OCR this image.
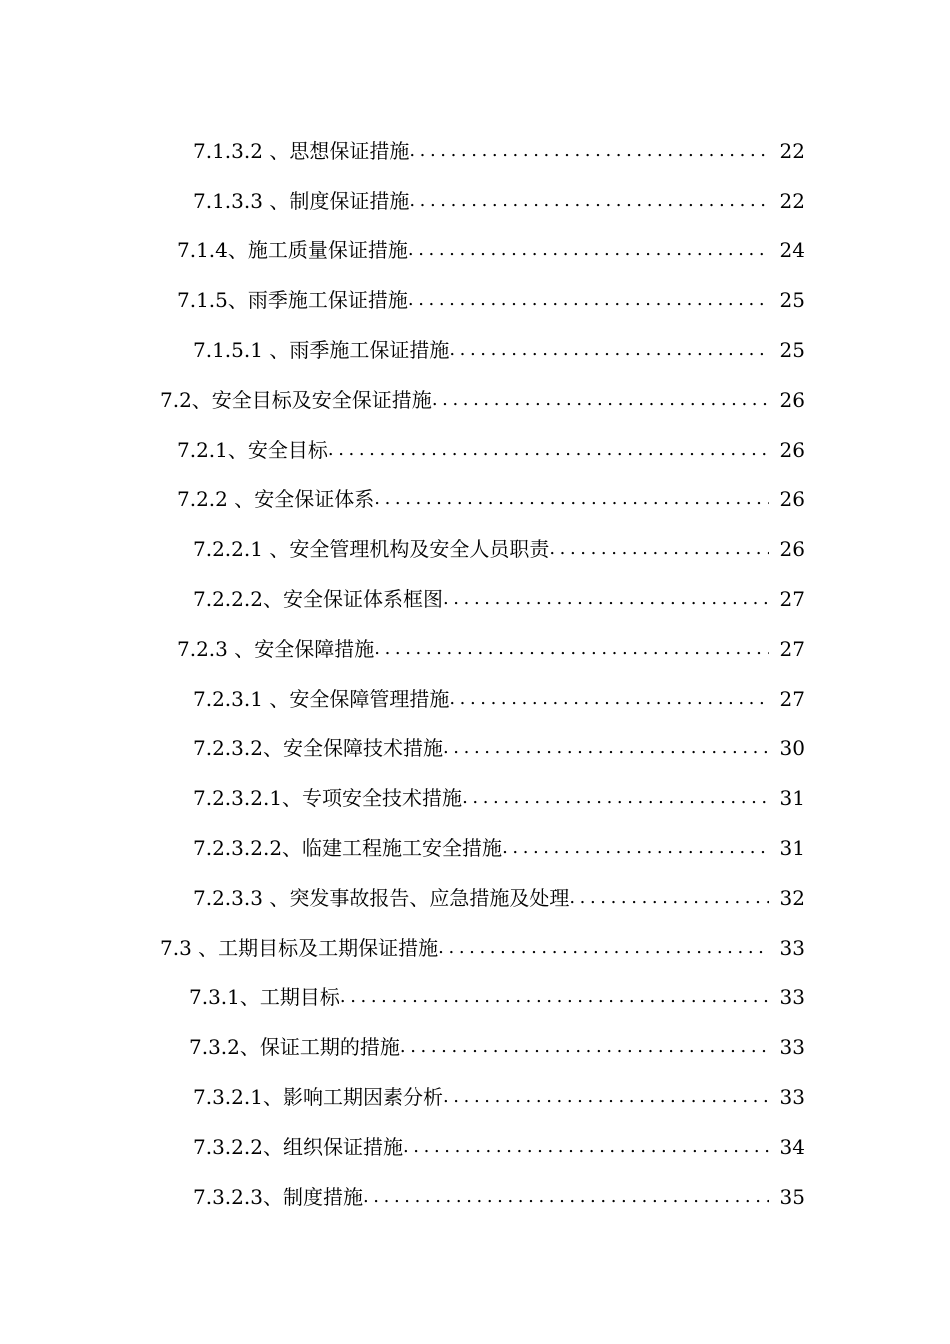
7.1.3.2 、思想保证措施 .....	22
7.1.3.3 、制度保证措施 .....	22
7.1.4、施工质量保证措施 .....	24
7.1.5、雨季施工保证措施 .....	25
7.1.5.1 、雨季施工保证措施 .....	25
7.2、安全目标及安全保证措施 .....	26
7.2.1、安全目标 .....	26
7.2.2 、安全保证体系 .....	26
7.2.2.1 、安全管理机构及安全人员职责 .....	26
7.2.2.2、安全保证体系框图 .....	27
7.2.3 、安全保障措施 .....	27
7.2.3.1 、安全保障管理措施 .....	27
7.2.3.2、安全保障技术措施 .....	30
7.2.3.2.1、专项安全技术措施 .....	31
7.2.3.2.2、临建工程施工安全措施 .....	31
7.2.3.3 、突发事故报告、应急措施及处理 .....	32
7.3 、工期目标及工期保证措施 .....	33
7.3.1、工期目标 .....	33
7.3.2、保证工期的措施 .....	33
7.3.2.1、影响工期因素分析 .....	33
7.3.2.2、组织保证措施 .....	34
7.3.2.3、制度措施 .....	35
